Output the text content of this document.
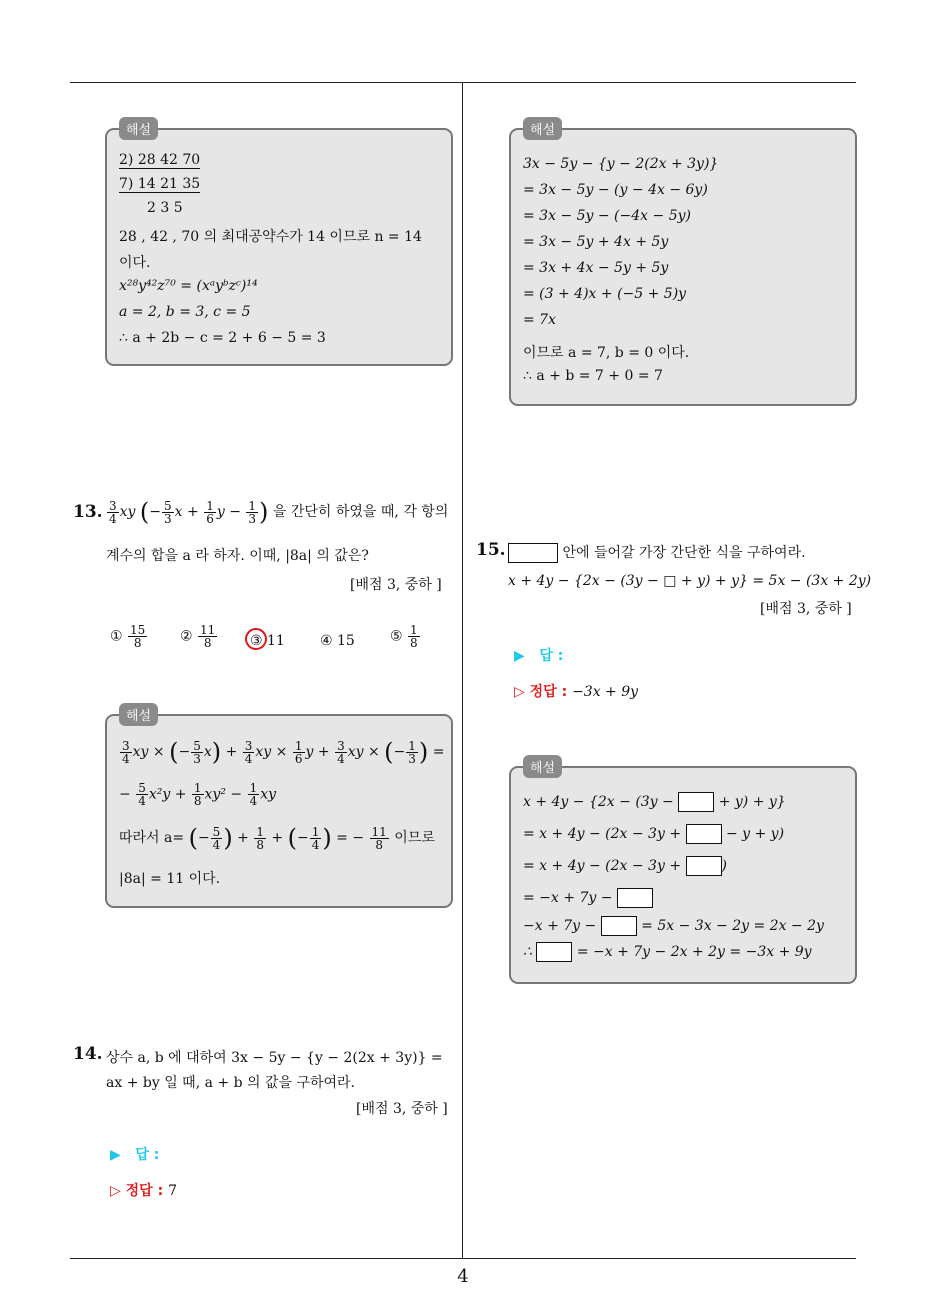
4
해설
2) 28 42 70
7) 14 21 35
2 3 5
28 , 42 , 70 의 최대공약수가 14 이므로 n = 14
이다.
x²⁸y⁴²z⁷⁰ = (xᵃyᵇzᶜ)¹⁴
a = 2, b = 3, c = 5
∴ a + 2b − c = 2 + 6 − 5 = 3
해설
3x − 5y − {y − 2(2x + 3y)}
= 3x − 5y − (y − 4x − 6y)
= 3x − 5y − (−4x − 5y)
= 3x − 5y + 4x + 5y
= 3x + 4x − 5y + 5y
= (3 + 4)x + (−5 + 5)y
= 7x
이므로 a = 7, b = 0 이다.
∴ a + b = 7 + 0 = 7
13. $\frac{3}{4}$ xy (− $\frac{5}{3}$ $x + \frac{1}{6}$ $y - \frac{1}{3}$ ) 을 간단히 하였을 때, 각 항의
계수의 합을 a 라 하자. 이때, |8a| 의 값은?
[배점 3, 중하 ]
① $\frac{15}{8}$ ② $\frac{11}{8}$ ③ 11	④ 15	⑤ $\frac{1}{8}$
해설
$\frac{3}{4}$ xy × (− $\frac{5}{3} x) + \frac{3}{4}$ xy × $\frac{1}{6}$ $y + \frac{3}{4}$ xy × (− $\frac{1}{3}$ ) =
− $\frac{5}{4} x^2y + \frac{1}{8} xy^2 - \frac{1}{4}$ xy
따라서 a= (− $\frac{5}{4}$ ) + $\frac{1}{8}$ + (− $\frac{1}{4}$ ) = − $\frac{11}{8}$ 이므로
|8a| = 11 이다.
14. 상수 a, b 에 대하여 3x − 5y − {y − 2(2x + 3y)} =
ax + by 일 때, a + b 의 값을 구하여라.
[배점 3, 중하 ]
▶ 답 :
▷ 정답 : 7
15.	안에 들어갈 가장 간단한 식을 구하여라.
x + 4y − {2x − (3y − □ + y) + y} = 5x − (3x + 2y)
[배점 3, 중하 ]
▶ 답 :
▷ 정답 : −3x + 9y
해설
x + 4y − {2x − (3y −	+ y) + y}
= x + 4y − (2x − 3y +	− y + y)
= x + 4y − (2x − 3y +	)
= −x + 7y −
−x + 7y −	= 5x − 3x − 2y = 2x − 2y
∴	= −x + 7y − 2x + 2y = −3x + 9y
